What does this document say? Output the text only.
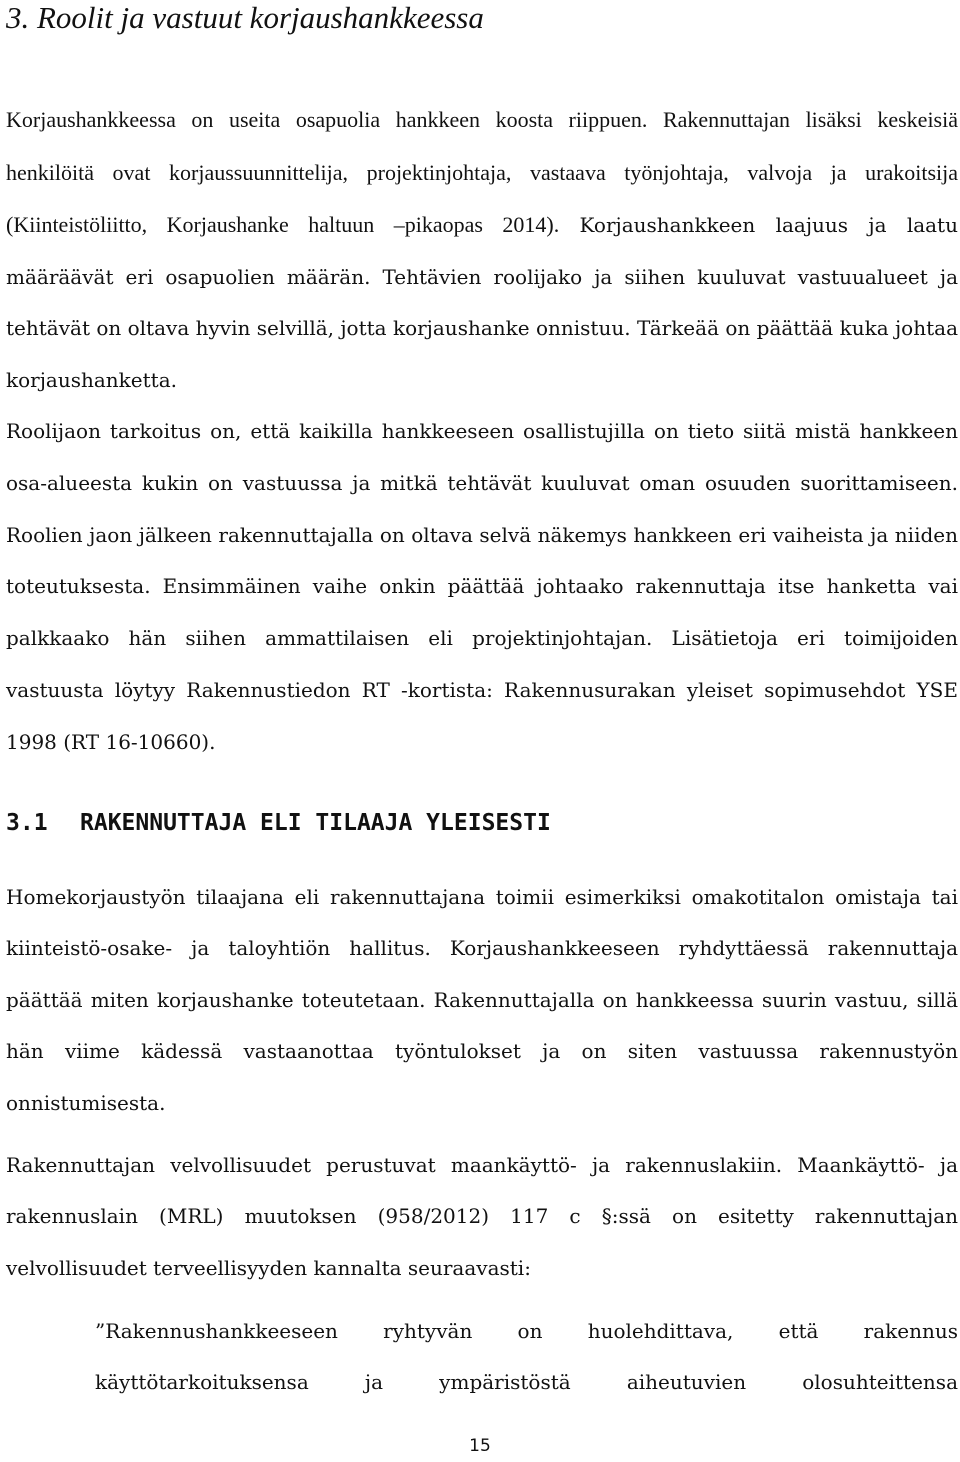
3. Roolit ja vastuut korjaushankkeessa

Korjaushankkeessa on useita osapuolia hankkeen koosta riippuen. Rakennuttajan lisäksi keskeisiä henkilöitä ovat korjaussuunnittelija, projektinjohtaja, vastaava työnjohtaja, valvoja ja urakoitsija (Kiinteistöliitto, Korjaushanke haltuun –pikaopas 2014). Korjaushankkeen laajuus ja laatu määräävät eri osapuolien määrän. Tehtävien roolijako ja siihen kuuluvat vastuualueet ja tehtävät on oltava hyvin selvillä, jotta korjaushanke onnistuu. Tärkeää on päättää kuka johtaa korjaushanketta.

Roolijaon tarkoitus on, että kaikilla hankkeeseen osallistujilla on tieto siitä mistä hankkeen osa-alueesta kukin on vastuussa ja mitkä tehtävät kuuluvat oman osuuden suorittamiseen. Roolien jaon jälkeen rakennuttajalla on oltava selvä näkemys hankkeen eri vaiheista ja niiden toteutuksesta. Ensimmäinen vaihe onkin päättää johtaako rakennuttaja itse hanketta vai palkkaako hän siihen ammattilaisen eli projektinjohtajan. Lisätietoja eri toimijoiden vastuusta löytyy Rakennustiedon RT -kortista: Rakennusurakan yleiset sopimusehdot YSE 1998 (RT 16-10660).

3.1 RAKENNUTTAJA ELI TILAAJA YLEISESTI

Homekorjaustyön tilaajana eli rakennuttajana toimii esimerkiksi omakotitalon omistaja tai kiinteistö-osake- ja taloyhtiön hallitus. Korjaushankkeeseen ryhdyttäessä rakennuttaja päättää miten korjaushanke toteutetaan. Rakennuttajalla on hankkeessa suurin vastuu, sillä hän viime kädessä vastaanottaa työntulokset ja on siten vastuussa rakennustyön onnistumisesta.

Rakennuttajan velvollisuudet perustuvat maankäyttö- ja rakennuslakiin. Maankäyttö- ja rakennuslain (MRL) muutoksen (958/2012) 117 c §:ssä on esitetty rakennuttajan velvollisuudet terveellisyyden kannalta seuraavasti:

”Rakennushankkeeseen ryhtyvän on huolehdittava, että rakennus käyttötarkoituksensa ja ympäristöstä aiheutuvien olosuhteittensa

15
